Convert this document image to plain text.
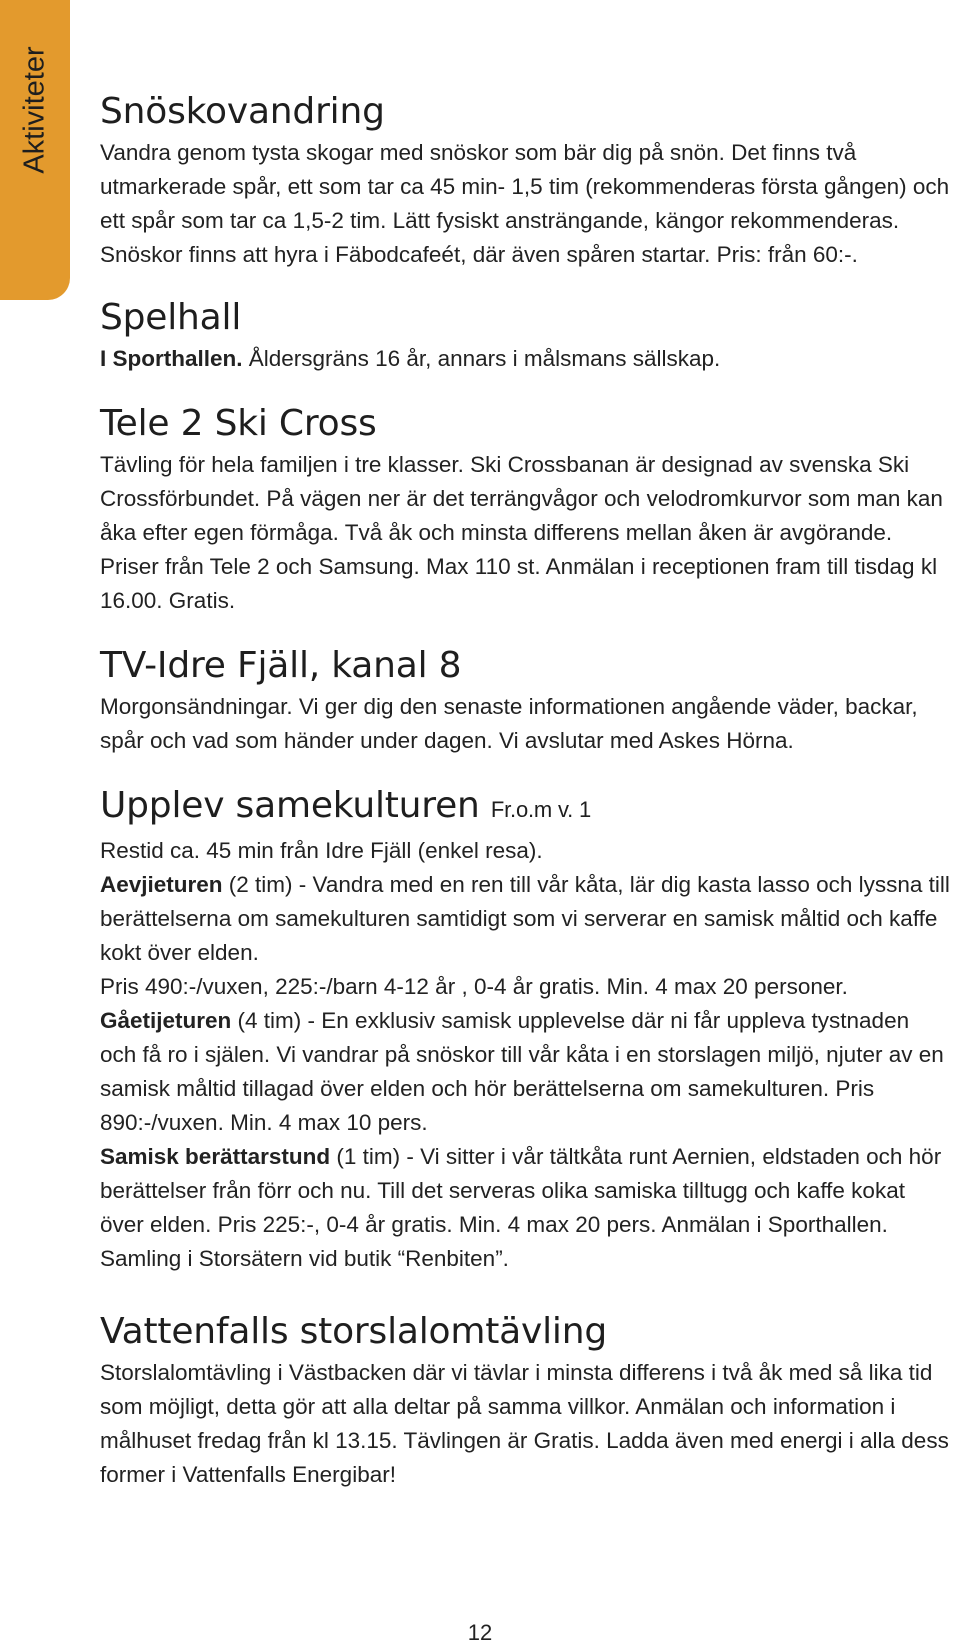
Aktiviteter Snöskovandring

Vandra genom tysta skogar med snöskor som bär dig på snön. Det finns två utmarkerade spår, ett som tar ca 45 min- 1,5 tim (rekommenderas första gången) och ett spår som tar ca 1,5-2 tim. Lätt fysiskt ansträngande, kängor rekommenderas. Snöskor finns att hyra i Fäbodcafeét, där även spåren startar. Pris: från 60:-.

Spelhall

I Sporthallen. Åldersgräns 16 år, annars i målsmans sällskap.

Tele 2 Ski Cross

Tävling för hela familjen i tre klasser. Ski Crossbanan är designad av svenska Ski Crossförbundet. På vägen ner är det terrängvågor och velodromkurvor som man kan åka efter egen förmåga. Två åk och minsta differens mellan åken är avgörande. Priser från Tele 2 och Samsung. Max 110 st. Anmälan i receptionen fram till tisdag kl 16.00. Gratis.

TV-Idre Fjäll, kanal 8

Morgonsändningar. Vi ger dig den senaste informationen angående väder, backar, spår och vad som händer under dagen. Vi avslutar med Askes Hörna.

Upplev samekulturen Fr.o.m v. 1

Restid ca. 45 min från Idre Fjäll (enkel resa).

Aevjieturen (2 tim) - Vandra med en ren till vår kåta, lär dig kasta lasso och lyssna till berättelserna om samekulturen samtidigt som vi serverar en samisk måltid och kaffe kokt över elden.

Pris 490:-/vuxen, 225:-/barn 4-12 år , 0-4 år gratis. Min. 4 max 20 personer.

Gåetijeturen (4 tim) - En exklusiv samisk upplevelse där ni får uppleva tystnaden och få ro i själen. Vi vandrar på snöskor till vår kåta i en storslagen miljö, njuter av en samisk måltid tillagad över elden och hör berättelserna om samekulturen. Pris 890:-/vuxen. Min. 4 max 10 pers.

Samisk berättarstund (1 tim) - Vi sitter i vår tältkåta runt Aernien, eldstaden och hör berättelser från förr och nu. Till det serveras olika samiska tilltugg och kaffe kokat över elden. Pris 225:-, 0-4 år gratis. Min. 4 max 20 pers. Anmälan i Sporthallen. Samling i Storsätern vid butik “Renbiten”.

Vattenfalls storslalomtävling

Storslalomtävling i Västbacken där vi tävlar i minsta differens i två åk med så lika tid som möjligt, detta gör att alla deltar på samma villkor. Anmälan och information i målhuset fredag från kl 13.15. Tävlingen är Gratis. Ladda även med energi i alla dess former i Vattenfalls Energibar!

12
